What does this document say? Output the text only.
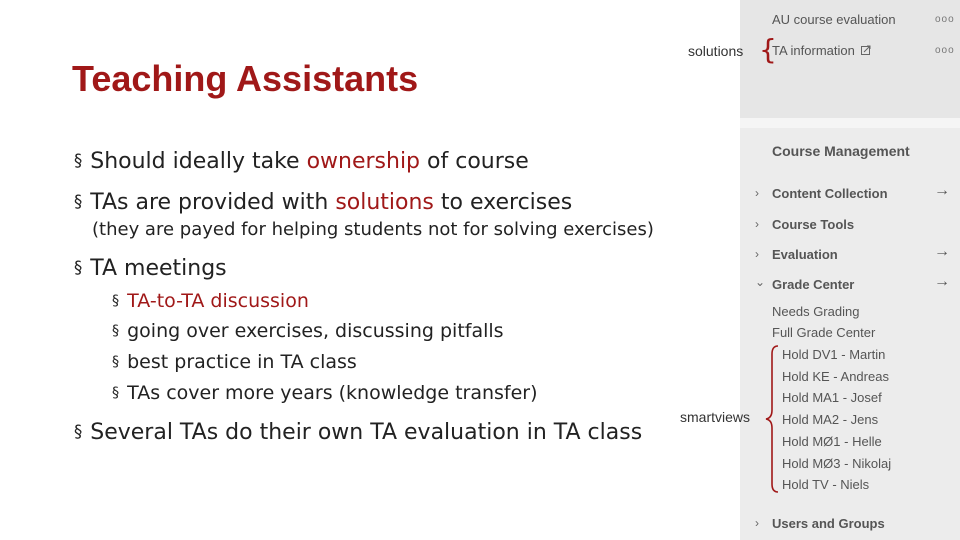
Teaching Assistants
§ Should ideally take ownership of course
§ TAs are provided with solutions to exercises
(they are payed for helping students not for solving exercises)
§ TA meetings
§ TA-to-TA discussion
§ going over exercises, discussing pitfalls
§ best practice in TA class
§ TAs cover more years (knowledge transfer)
§ Several TAs do their own TA evaluation in TA class
AU course evaluation	ooo
TA information	ooo
Course Management
› Content Collection	→
› Course Tools
› Evaluation	→
⌄ Grade Center	→
Needs Grading
Full Grade Center
Hold DV1 - Martin
Hold KE - Andreas
Hold MA1 - Josef
Hold MA2 - Jens
Hold MØ1 - Helle
Hold MØ3 - Nikolaj
Hold TV - Niels
› Users and Groups
solutions {
smartviews
